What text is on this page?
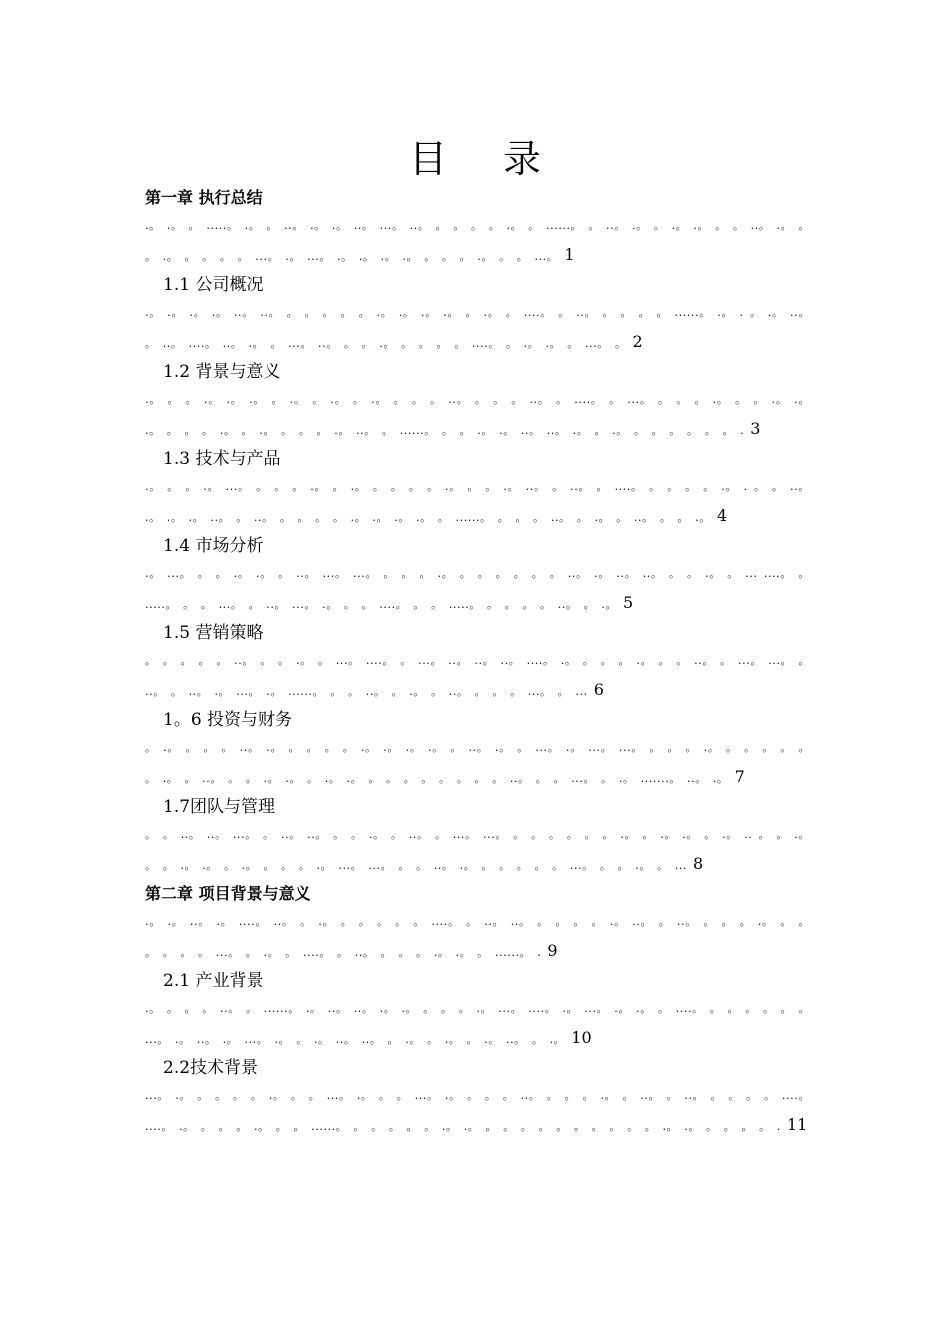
目 录
第一章 执行总结
.。 .。 。 .....。 .。 。 ..。 .。 .。 ..。 ...。 ..。 。 。 。 。 .。 。 ......。 。 ..。 .。 。 .。 .。 。 。 ..。 .。 。 。 .。 。 。 。 。 ...。 .。 ...。 .。 .。 .。 .。 。 。 。 .。 。 。 ...。 1
1.1 公司概况
.。 .。 .。 .。 ..。 ..。 。 。 。 。 。 .。 .。 .。 .。 。 .。 。 ....。 。 ..。 。 。 。 。 ......。 .。 . 。 .。 ..。 。 ..。 ....。 ..。 .。 。 ...。 ..。 。 。 .。 。 。 。 。 ....。 。 .。 .。 。 ...。 。 2
1.2 背景与意义
.。 。 。 .。 .。 .。 。 .。 。 .。 。 .。 。 。 。 ..。 。 。 。 ..。 。 ....。 。 ...。 。 。 。 .。 。 。 .。 .。 .。 。 。 。 .。 。 .。 。 。 。 .。 ..。 。 ......。 。 。 .。 .。 ..。 ..。 .。 。 .。 。 。 。 。 。 。 . 3
1.3 技术与产品
.。 。 。 .。 ...。 。 。 。 .。 。 .。 。 。 。 。 .。 。 。 .。 ..。 。 ..。 。 ....。 。 。 。 。 .。 . 。 。 ..。 .。 .。 .。 ..。 。 ..。 。 。 。 。 .。 .。 .。 .。 。 ......。 。 。 。 ..。 。 .。 。 ..。 。 。 .。 4
1.4 市场分析
.。 ...。 。 。 .。 .。 。 ..。 ...。 ...。 。 。 。 .。 。 。 。 。 。 。 ..。 .。 ..。 ..。 。 。 .。 。 ... ....。 。 .....。 。 。 ...。 。 ..。 ...。 .。 。 。 ....。 。 。 .....。 。 。 。 。 ..。 。 .。 5
1.5 营销策略
。 。 。 。 。 ..。 。 。 .。 。 ...。 ....。 。 ...。 ..。 ..。 ..。 ....。 .。 。 。 。 .。 。 。 ..。 。 ...。 ...。 。 ..。 。 ..。 .。 ...。 .。 ......。 。 。 ..。 。 .。 。 ..。 。 。 。 ...。 。 ... 6
1。6 投资与财务
。 .。 。 。 。 ..。 .。 。 。 。 。 .。 .。 .。 .。 。 ..。 .。 。 ...。 .。 ...。 ...。 。 。 。 .。 。 。 。 。 。 。 .。 。 ..。 。 。 .。 .。 。 .。 .。 。 。 。 。 。 。 。 。 ..。 。 。 ...。 。 .。 .......。 ..。 .。 7
1.7团队与管理
。 。 ..。 ..。 ...。 。 ..。 ..。 。 。 .。 。 ..。 。 ...。 ...。 。 。 。 。 。 。 .。 。 .。 .。 。 .。 .. 。 。 .。 。 。 .。 .。 。 .。 。 。 。 .。 ...。 ...。 。 。 ..。 .。 。 。 。 。 。 ...。 。 。 .。 。 ... 8
第二章 项目背景与意义
.。 .。 ..。 .。 ....。 ..。 。 .。 。 。 。 。 。 ....。 。 ..。 ..。 。 。 。 。 .。 ..。 。 ..。 。 。 。 .。 。 。 。 。 。 。 ...。 。 .。 。 ....。 。 ..。 。 。 。 .。 .。 。 ......。 . 9
2.1 产业背景
.。 。 。 。 ..。 。 ......。 .。 ..。 ..。 .。 .。 。 。 。 .。 ...。 ....。 .。 ...。 .。 .。 。 ....。 。 。 。 。 。 。 ...。 .。 ..。 .。 ...。 .。 。 .。 ..。 ..。 。 .。 。 .。 。 .。 ..。 。 .。 10
2.2技术背景
...。 .。 。 。 。 。 .。 。 。 ...。 .。 。 。 ...。 .。 。 。 。 ..。 。 。 。 .。 。 ..。 。 ..。 。 。 。 。 ....。 ....。 .。 。 。 。 .。 。 。 ......。 。 。 。 。 。 .。 .。 。 。 。 。 。 。 。 。 。 。 .。 .。 。 。 。 。 . 11
